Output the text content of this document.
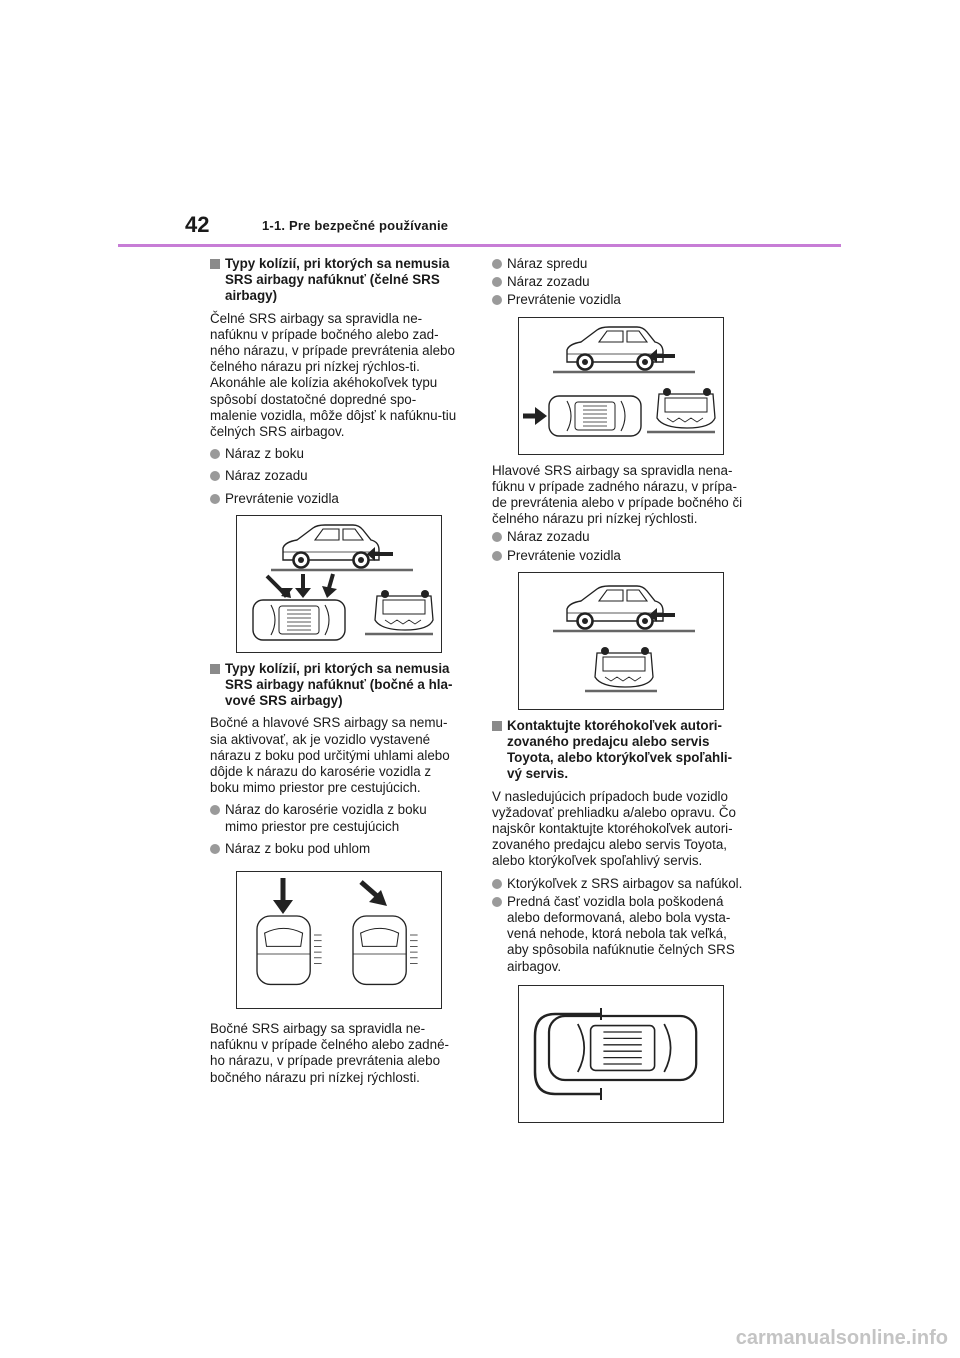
42	1-1. Pre bezpečné používanie
Typy kolízií, pri ktorých sa nemusia SRS airbagy nafúknuť (čelné SRS airbagy)

Čelné SRS airbagy sa spravidla ne-nafúknu v prípade bočného alebo zad-ného nárazu, v prípade prevrátenia alebo čelného nárazu pri nízkej rýchlos-ti. Akonáhle ale kolízia akéhokoľvek typu spôsobí dostatočné dopredné spo-malenie vozidla, môže dôjsť k nafúknu-tiu čelných SRS airbagov.

Náraz z boku
Náraz zozadu
Prevrátenie vozidla
Typy kolízií, pri ktorých sa nemusia SRS airbagy nafúknuť (bočné a hla-vové SRS airbagy)

Bočné a hlavové SRS airbagy sa nemu-sia aktivovať, ak je vozidlo vystavené nárazu z boku pod určitými uhlami alebo dôjde k nárazu do karosérie vozidla z boku mimo priestor pre cestujúcich.

Náraz do karosérie vozidla z boku mimo priestor pre cestujúcich
Náraz z boku pod uhlom

Bočné SRS airbagy sa spravidla ne-nafúknu v prípade čelného alebo zadné-ho nárazu, v prípade prevrátenia alebo bočného nárazu pri nízkej rýchlosti.

Náraz spredu
Náraz zozadu
Prevrátenie vozidla

Hlavové SRS airbagy sa spravidla nena-fúknu v prípade zadného nárazu, v prípa-de prevrátenia alebo v prípade bočného či čelného nárazu pri nízkej rýchlosti.

Náraz zozadu
Prevrátenie vozidla
Kontaktujte ktoréhokoľvek autori-zovaného predajcu alebo servis Toyota, alebo ktorýkoľvek spoľahli-vý servis.

V nasledujúcich prípadoch bude vozidlo vyžadovať prehliadku a/alebo opravu. Čo najskôr kontaktujte ktoréhokoľvek autori-zovaného predajcu alebo servis Toyota, alebo ktorýkoľvek spoľahlivý servis.

Ktorýkoľvek z SRS airbagov sa nafúkol.
Predná časť vozidla bola poškodená alebo deformovaná, alebo bola vysta-vená nehode, ktorá nebola tak veľká, aby spôsobila nafúknutie čelných SRS airbagov.
carmanualsonline.info
